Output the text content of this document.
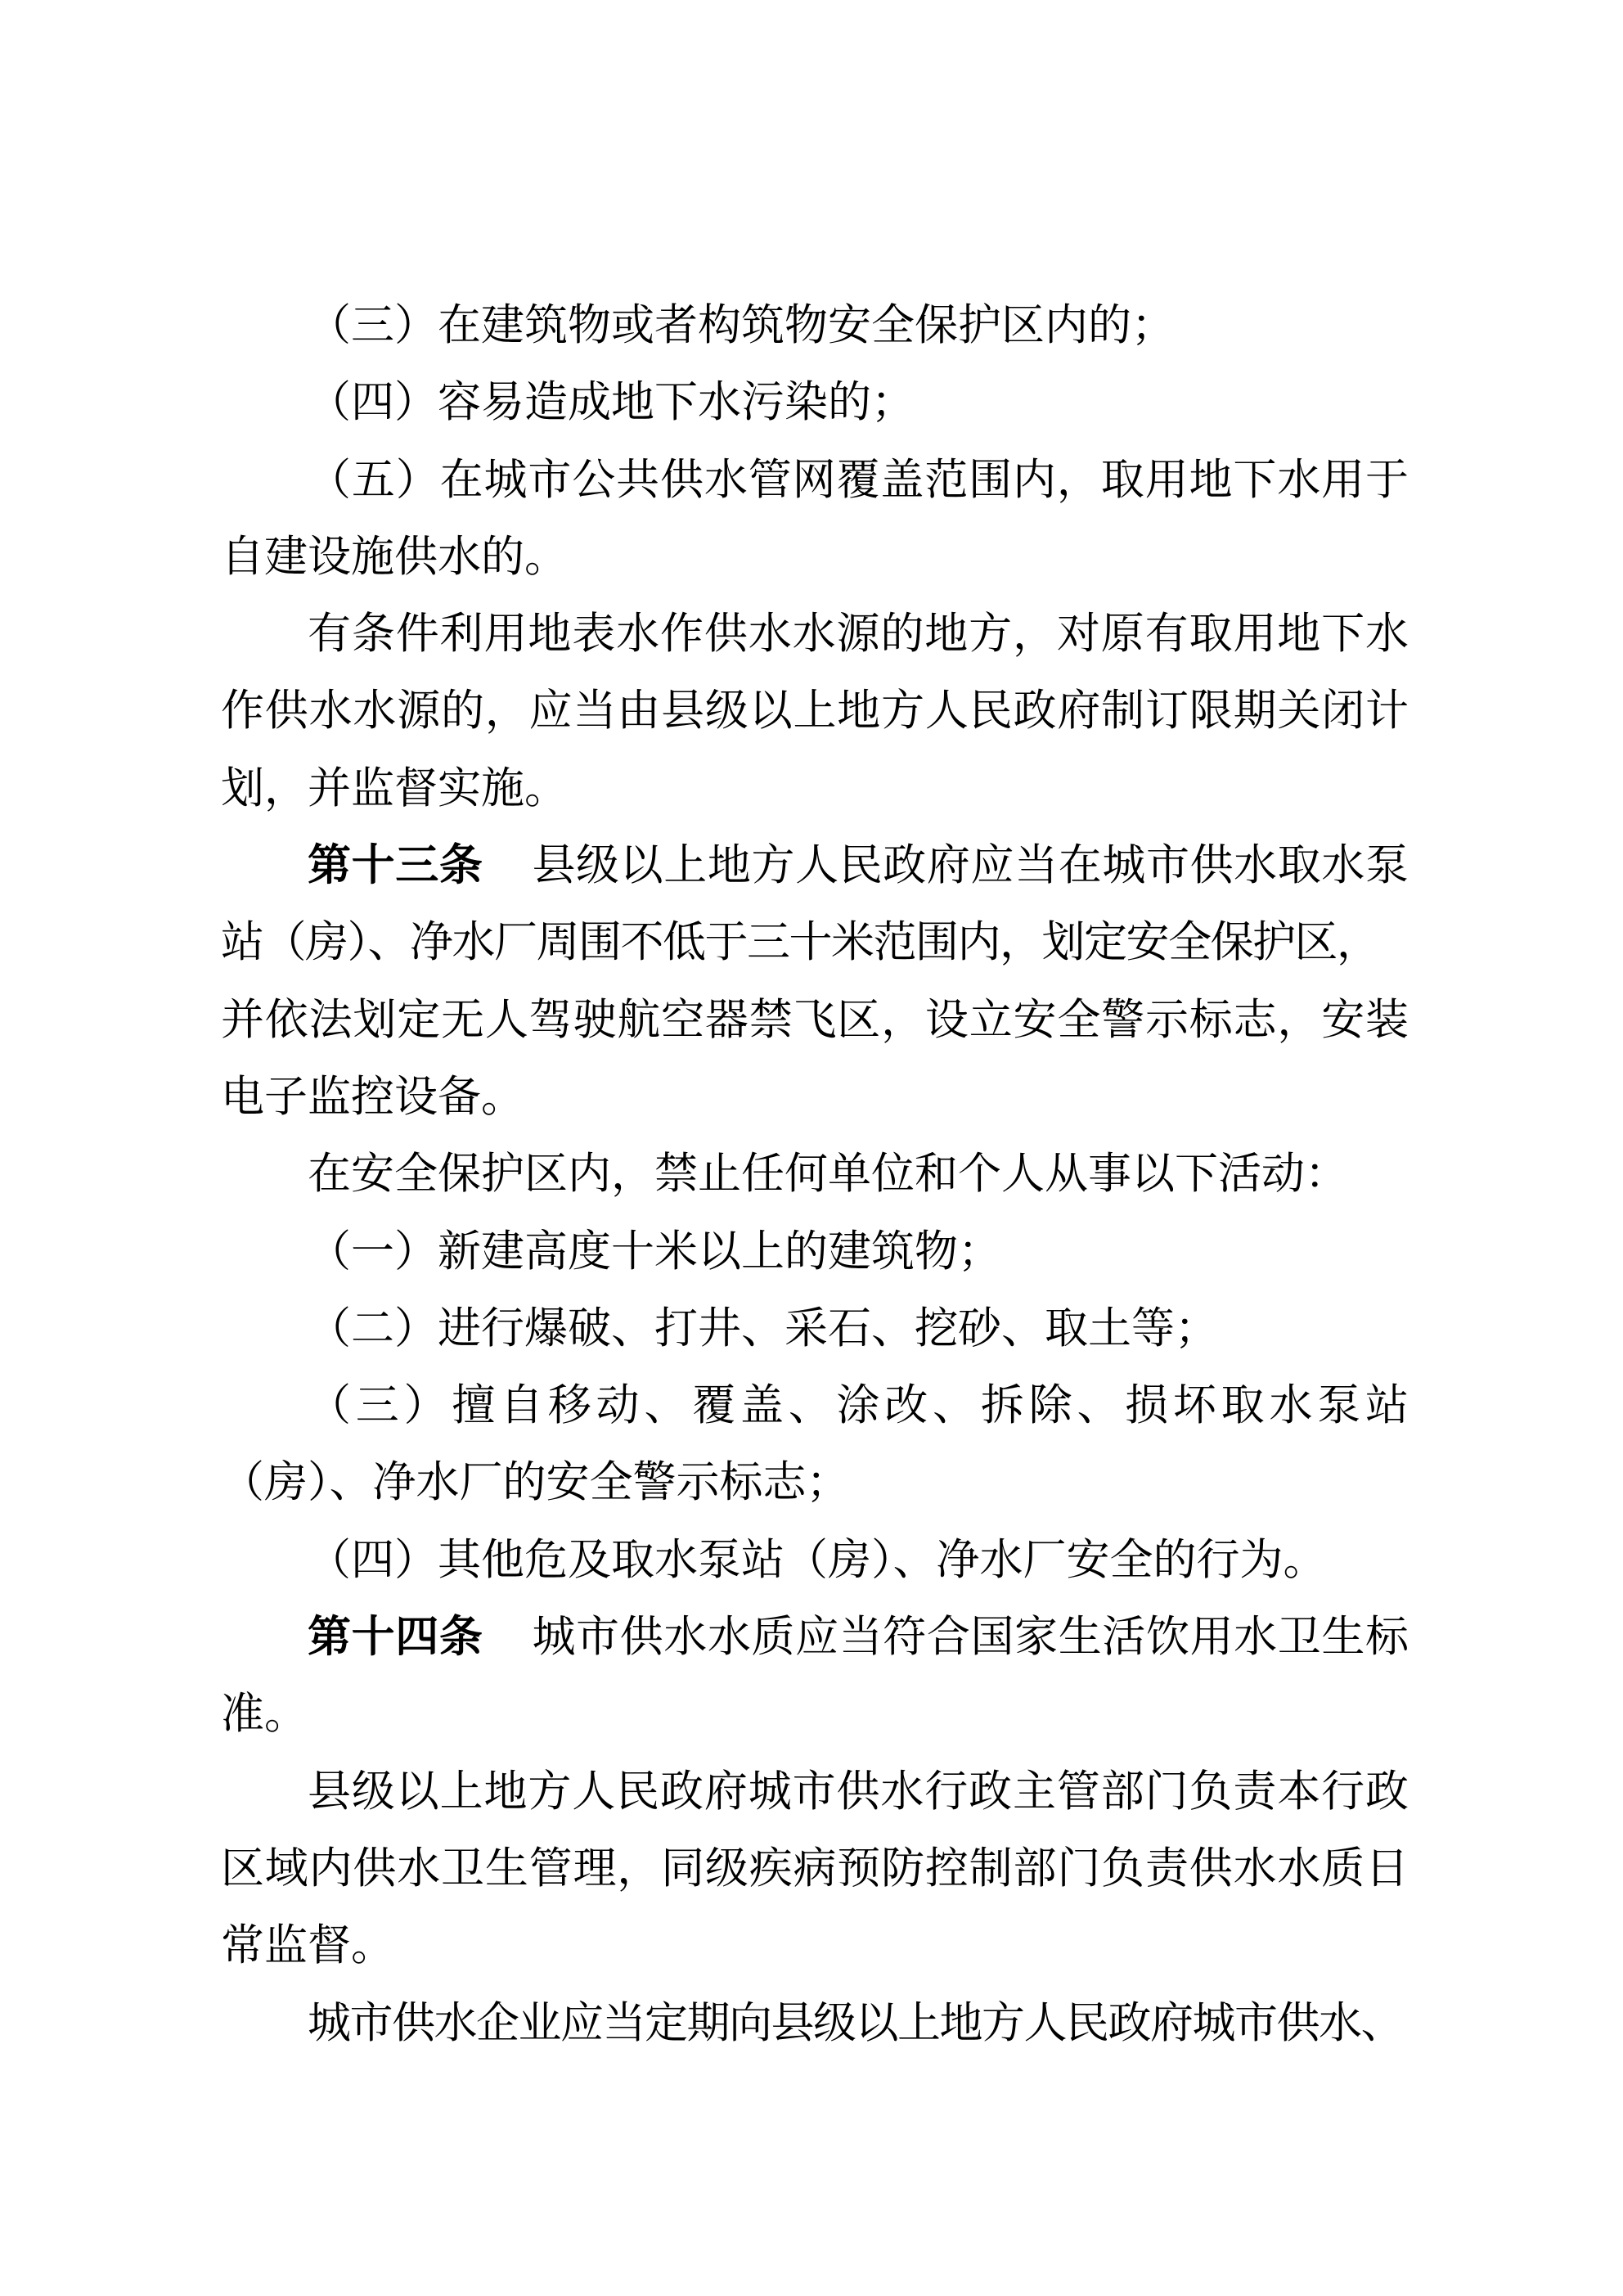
（三）在建筑物或者构筑物安全保护区内的；
（四）容易造成地下水污染的；
（五）在城市公共供水管网覆盖范围内，取用地下水用于
自建设施供水的。
有条件利用地表水作供水水源的地方，对原有取用地下水
作供水水源的，应当由县级以上地方人民政府制订限期关闭计
划，并监督实施。
第十三条 县级以上地方人民政府应当在城市供水取水泵
站（房）、净水厂周围不低于三十米范围内，划定安全保护区，
并依法划定无人驾驶航空器禁飞区，设立安全警示标志，安装
电子监控设备。
在安全保护区内，禁止任何单位和个人从事以下活动：
（一）新建高度十米以上的建筑物；
（二）进行爆破、打井、采石、挖砂、取土等；
（三）擅自移动、覆盖、涂改、拆除、损坏取水泵站
（房）、净水厂的安全警示标志；
（四）其他危及取水泵站（房）、净水厂安全的行为。
第十四条 城市供水水质应当符合国家生活饮用水卫生标
准。
县级以上地方人民政府城市供水行政主管部门负责本行政
区域内供水卫生管理，同级疾病预防控制部门负责供水水质日
常监督。
城市供水企业应当定期向县级以上地方人民政府城市供水、
